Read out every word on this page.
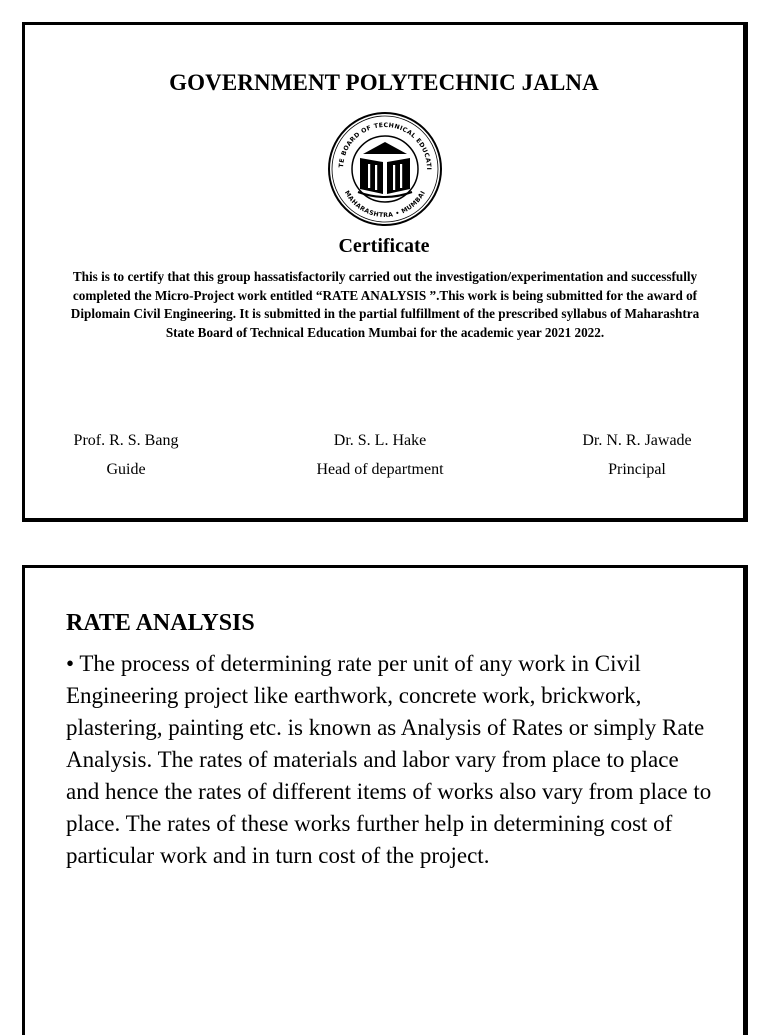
GOVERNMENT POLYTECHNIC JALNA
TE BOARD OF TECHNICAL EDUCATI
MAHARASHTRA • MUMBAI
Certificate
This is to certify that this group hassatisfactorily carried out the investigation/experimentation and successfully completed the Micro-Project work entitled “RATE ANALYSIS ”.This work is being submitted for the award of Diplomain Civil Engineering. It is submitted in the partial fulfillment of the prescribed syllabus of Maharashtra State Board of Technical Education Mumbai for the academic year 2021 2022.
Prof. R. S. Bang
Guide
Dr. S. L. Hake
Head of department
Dr. N. R. Jawade
Principal
RATE ANALYSIS
• The process of determining rate per unit of any work in Civil Engineering project like earthwork, concrete work, brickwork, plastering, painting etc. is known as Analysis of Rates or simply Rate Analysis. The rates of materials and labor vary from place to place and hence the rates of different items of works also vary from place to place. The rates of these works further help in determining cost of particular work and in turn cost of the project.
